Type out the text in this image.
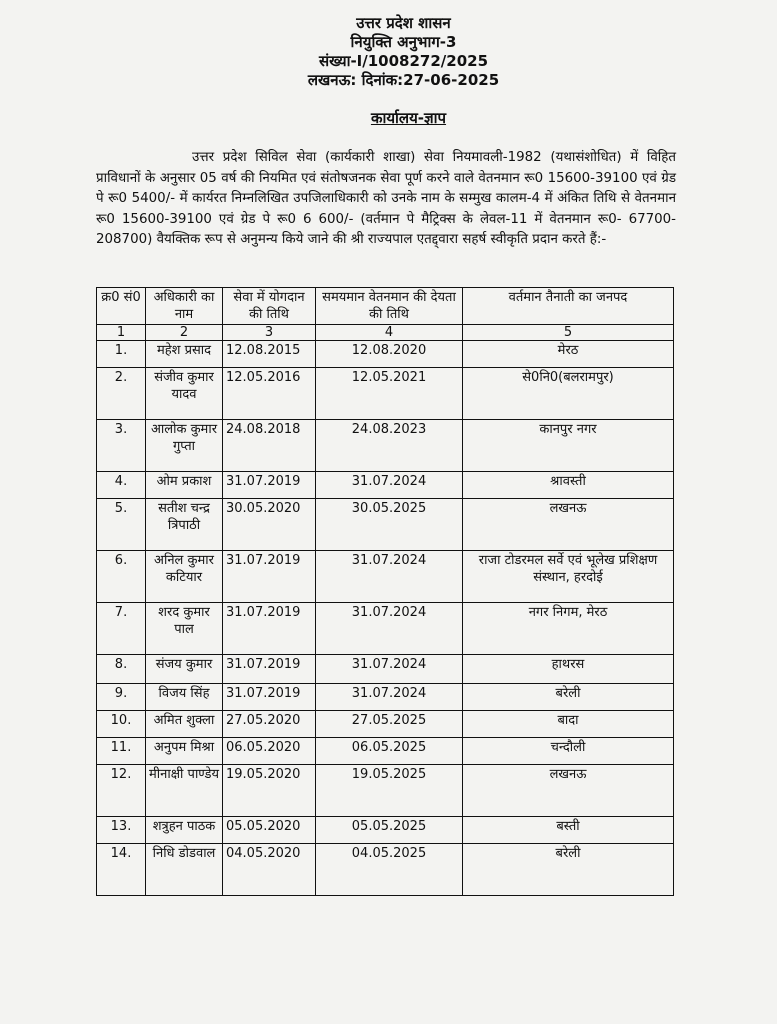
उत्तर प्रदेश शासन
नियुक्ति अनुभाग-3
संख्या-I/1008272/2025
लखनऊ: दिनांक:27-06-2025
कार्यालय-ज्ञाप
उत्तर प्रदेश सिविल सेवा (कार्यकारी शाखा) सेवा नियमावली-1982 (यथासंशोधित) में विहित प्राविधानों के अनुसार 05 वर्ष की नियमित एवं संतोषजनक सेवा पूर्ण करने वाले वेतनमान रू0 15600-39100 एवं ग्रेड पे रू0 5400/- में कार्यरत निम्नलिखित उपजिलाधिकारी को उनके नाम के सम्मुख कालम-4 में अंकित तिथि से वेतनमान रू0 15600-39100 एवं ग्रेड पे रू0 6 600/- (वर्तमान पे मैट्रिक्स के लेवल-11 में वेतनमान रू0- 67700-208700) वैयक्तिक रूप से अनुमन्य किये जाने की श्री राज्यपाल एतद्द्वारा सहर्ष स्वीकृति प्रदान करते हैं:-
क्र0 सं0	अधिकारी का नाम	सेवा में योगदान की तिथि	समयमान वेतनमान की देयता की तिथि	वर्तमान तैनाती का जनपद
1	2	3	4	5
1.	महेश प्रसाद	12.08.2015	12.08.2020	मेरठ
2.	संजीव कुमार यादव	12.05.2016	12.05.2021	से0नि0(बलरामपुर)
3.	आलोक कुमार गुप्ता	24.08.2018	24.08.2023	कानपुर नगर
4.	ओम प्रकाश	31.07.2019	31.07.2024	श्रावस्ती
5.	सतीश चन्द्र त्रिपाठी	30.05.2020	30.05.2025	लखनऊ
6.	अनिल कुमार कटियार	31.07.2019	31.07.2024	राजा टोडरमल सर्वे एवं भूलेख प्रशिक्षण संस्थान, हरदोई
7.	शरद कुमार पाल	31.07.2019	31.07.2024	नगर निगम, मेरठ
8.	संजय कुमार	31.07.2019	31.07.2024	हाथरस
9.	विजय सिंह	31.07.2019	31.07.2024	बरेली
10.	अमित शुक्ला	27.05.2020	27.05.2025	बादा
11.	अनुपम मिश्रा	06.05.2020	06.05.2025	चन्दौली
12.	मीनाक्षी पाण्डेय	19.05.2020	19.05.2025	लखनऊ
13.	शत्रुहन पाठक	05.05.2020	05.05.2025	बस्ती
14.	निधि डोडवाल	04.05.2020	04.05.2025	बरेली
